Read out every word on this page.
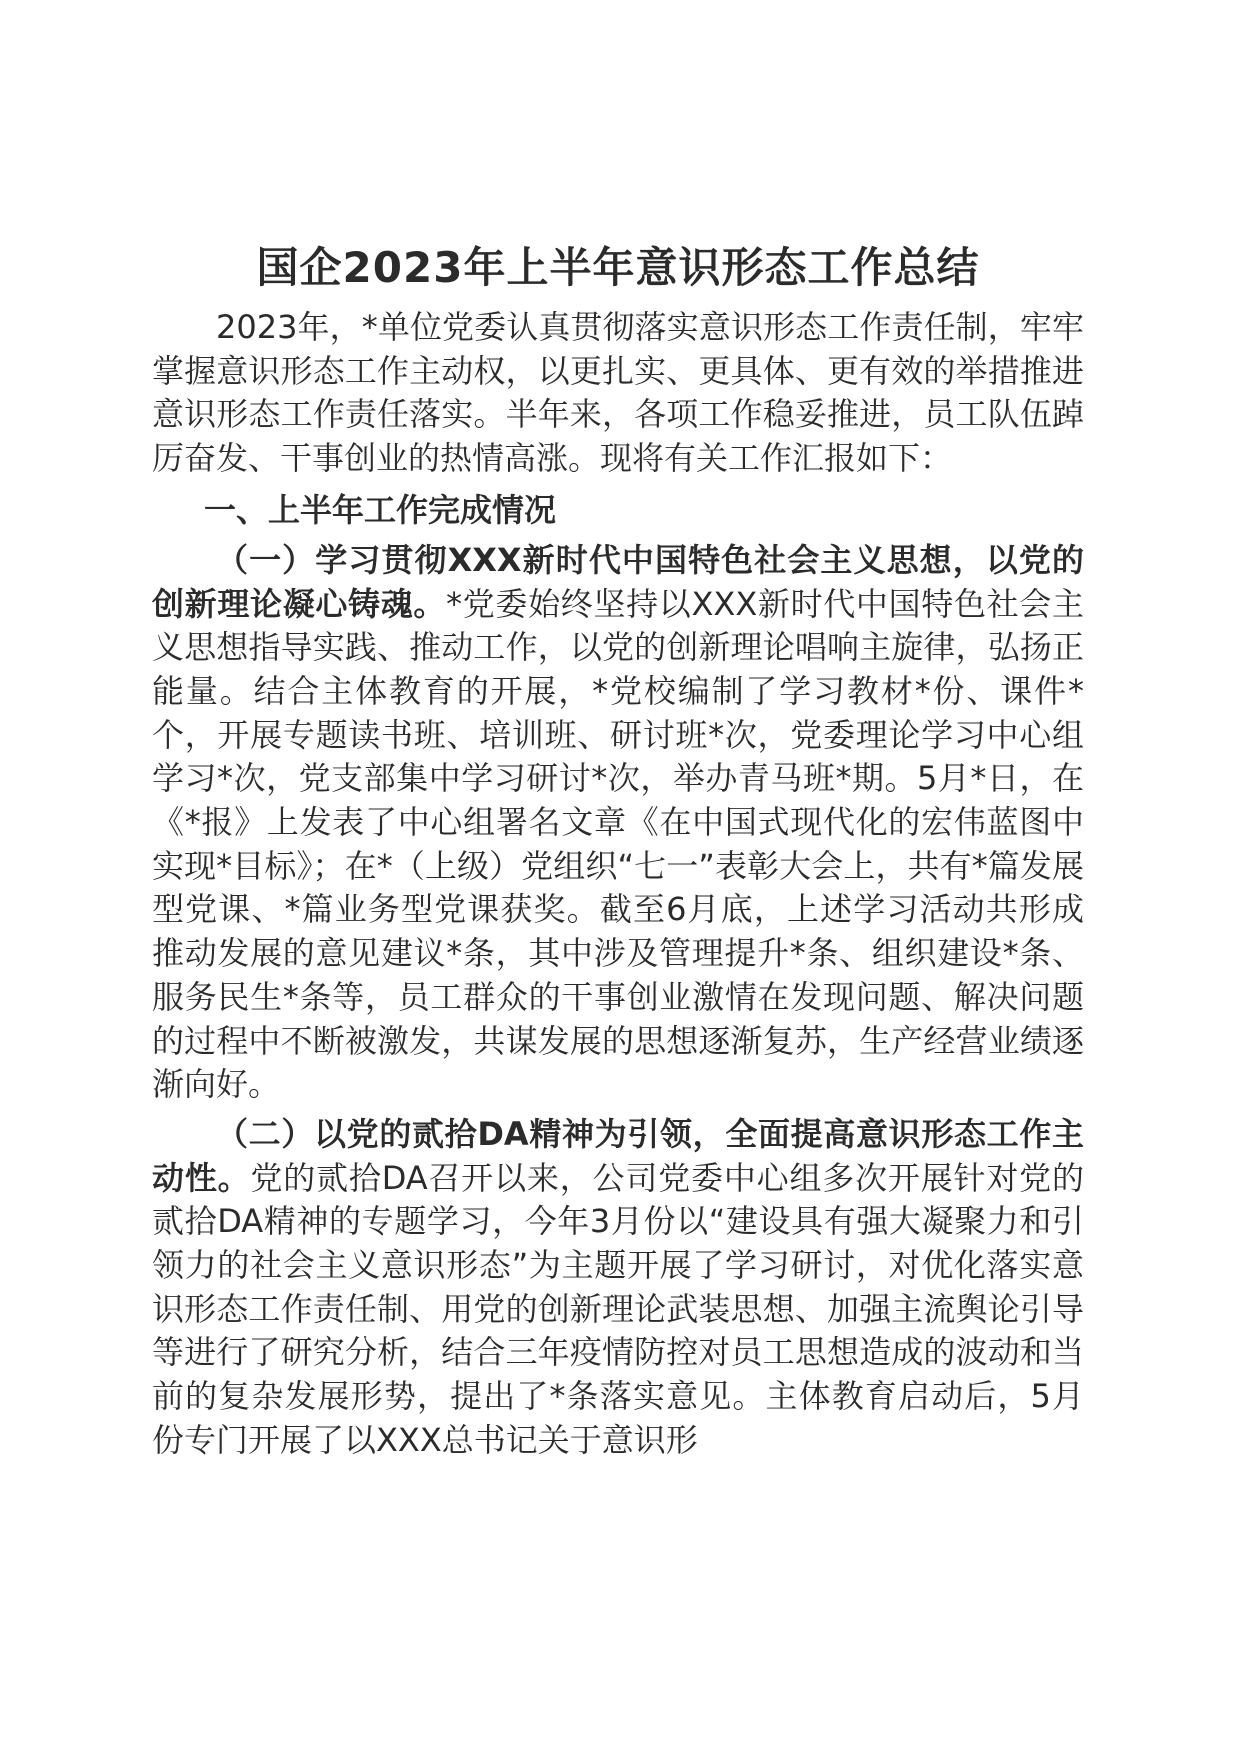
国企2023年上半年意识形态工作总结

2023年，*单位党委认真贯彻落实意识形态工作责任制，牢牢掌握意识形态工作主动权，以更扎实、更具体、更有效的举措推进意识形态工作责任落实。半年来，各项工作稳妥推进，员工队伍踔厉奋发、干事创业的热情高涨。现将有关工作汇报如下：

一、上半年工作完成情况

（一）学习贯彻XXX新时代中国特色社会主义思想，以党的创新理论凝心铸魂。*党委始终坚持以XXX新时代中国特色社会主义思想指导实践、推动工作，以党的创新理论唱响主旋律，弘扬正能量。结合主体教育的开展，*党校编制了学习教材*份、课件*个，开展专题读书班、培训班、研讨班*次，党委理论学习中心组学习*次，党支部集中学习研讨*次，举办青马班*期。5月*日，在《*报》上发表了中心组署名文章《在中国式现代化的宏伟蓝图中实现*目标》；在*（上级）党组织“七一”表彰大会上，共有*篇发展型党课、*篇业务型党课获奖。截至6月底，上述学习活动共形成推动发展的意见建议*条，其中涉及管理提升*条、组织建设*条、服务民生*条等，员工群众的干事创业激情在发现问题、解决问题的过程中不断被激发，共谋发展的思想逐渐复苏，生产经营业绩逐渐向好。

（二）以党的贰拾DA精神为引领，全面提高意识形态工作主动性。党的贰拾DA召开以来，公司党委中心组多次开展针对党的贰拾DA精神的专题学习，今年3月份以“建设具有强大凝聚力和引领力的社会主义意识形态”为主题开展了学习研讨，对优化落实意识形态工作责任制、用党的创新理论武装思想、加强主流舆论引导等进行了研究分析，结合三年疫情防控对员工思想造成的波动和当前的复杂发展形势，提出了*条落实意见。主体教育启动后，5月份专门开展了以XXX总书记关于意识形
